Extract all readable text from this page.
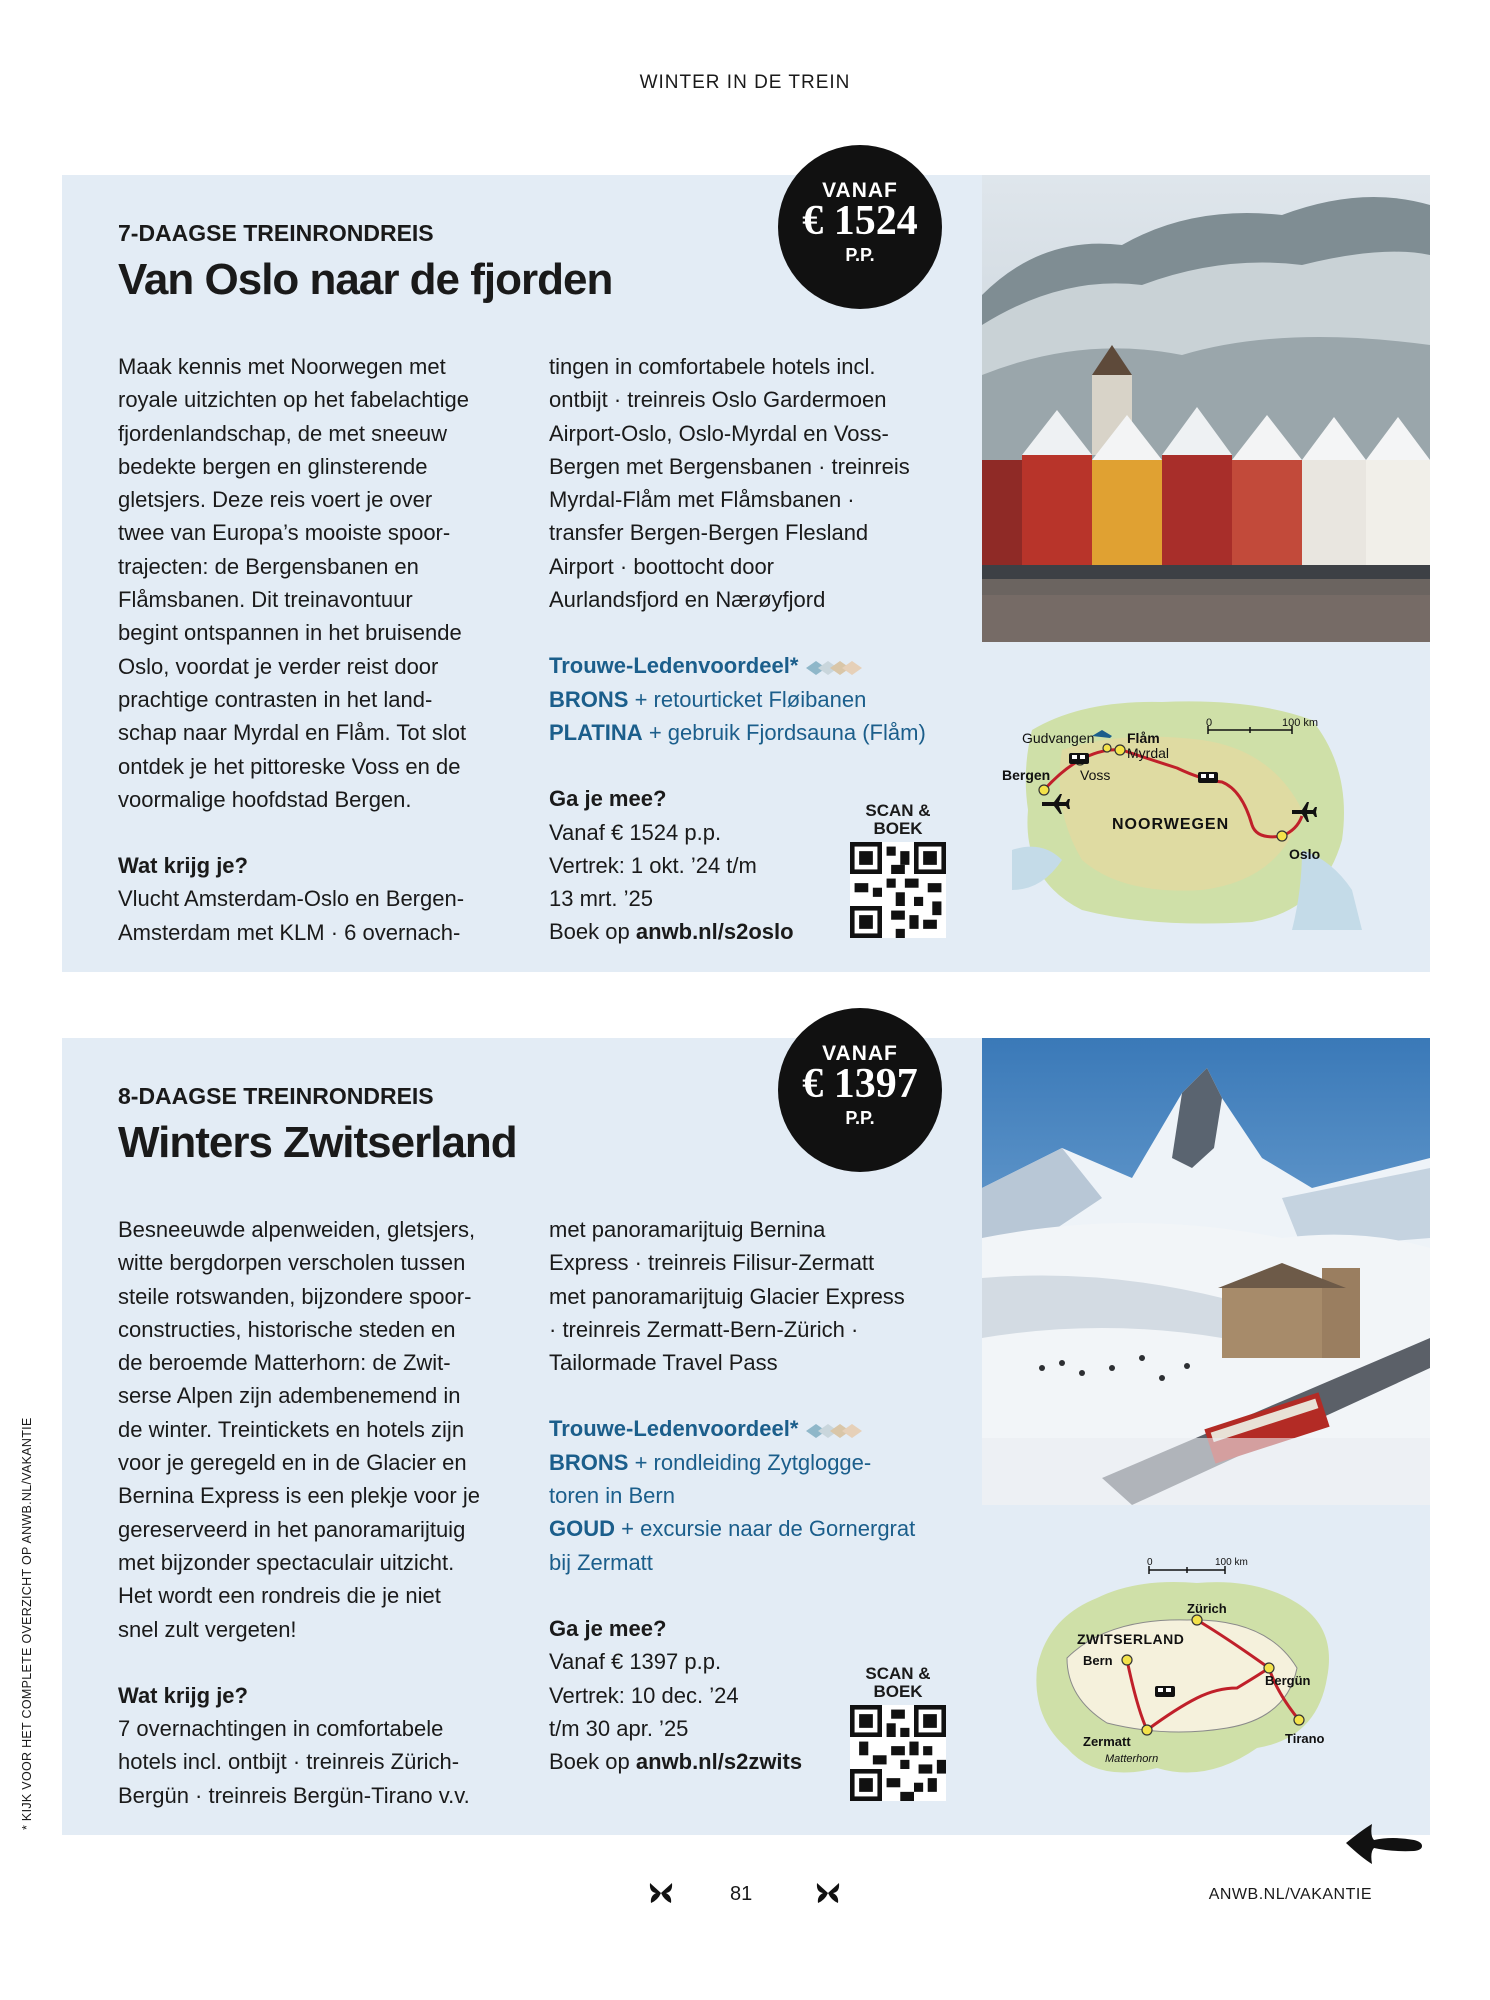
WINTER IN DE TREIN
7-DAAGSE TREINRONDREIS
Van Oslo naar de fjorden
VANAF
€ 1524
P.P.

Maak kennis met Noorwegen met

royale uitzichten op het fabelachtige

fjordenlandschap, de met sneeuw

bedekte bergen en glinsterende

gletsjers. Deze reis voert je over

twee van Europa’s mooiste spoor-

trajecten: de Bergensbanen en

Flåmsbanen. Dit treinavontuur

begint ontspannen in het bruisende

Oslo, voordat je verder reist door

prachtige contrasten in het land-

schap naar Myrdal en Flåm. Tot slot

ontdek je het pittoreske Voss en de

voormalige hoofdstad Bergen.

Wat krijg je?

Vlucht Amsterdam-Oslo en Bergen-

Amsterdam met KLM · 6 overnach-

tingen in comfortabele hotels incl.

ontbijt · treinreis Oslo Gardermoen

Airport-Oslo, Oslo-Myrdal en Voss-

Bergen met Bergensbanen · treinreis

Myrdal-Flåm met Flåmsbanen ·

transfer Bergen-Bergen Flesland

Airport · boottocht door

Aurlandsfjord en Nærøyfjord

Trouwe-Ledenvoordeel*

BRONS + retourticket Fløibanen

PLATINA + gebruik Fjordsauna (Flåm)

Ga je mee?

Vanaf € 1524 p.p.

Vertrek: 1 okt. ’24 t/m

13 mrt. ’25

Boek op anwb.nl/s2oslo

SCAN &
BOEK
Gudvangen Flåm
Myrdal
Bergen Voss
Oslo
NOORWEGEN
0	100 km
8-DAAGSE TREINRONDREIS
Winters Zwitserland
VANAF
€ 1397
P.P.

Besneeuwde alpenweiden, gletsjers,

witte bergdorpen verscholen tussen

steile rotswanden, bijzondere spoor-

constructies, historische steden en

de beroemde Matterhorn: de Zwit-

serse Alpen zijn adembenemend in

de winter. Treintickets en hotels zijn

voor je geregeld en in de Glacier en

Bernina Express is een plekje voor je

gereserveerd in het panoramarijtuig

met bijzonder spectaculair uitzicht.

Het wordt een rondreis die je niet

snel zult vergeten!

Wat krijg je?

7 overnachtingen in comfortabele

hotels incl. ontbijt · treinreis Zürich-

Bergün · treinreis Bergün-Tirano v.v.

met panoramarijtuig Bernina

Express · treinreis Filisur-Zermatt

met panoramarijtuig Glacier Express

· treinreis Zermatt-Bern-Zürich ·

Tailormade Travel Pass

Trouwe-Ledenvoordeel*

BRONS + rondleiding Zytglogge-

toren in Bern

GOUD + excursie naar de Gornergrat

bij Zermatt

Ga je mee?

Vanaf € 1397 p.p.

Vertrek: 10 dec. ’24

t/m 30 apr. ’25

Boek op anwb.nl/s2zwits

SCAN &
BOEK
Zürich
ZWITSERLAND
Bern
Bergün
Zermatt	Tirano
Matterhorn
0	100 km
* KIJK VOOR HET COMPLETE OVERZICHT OP ANWB.NL/VAKANTIE
81	ANWB.NL/VAKANTIE
